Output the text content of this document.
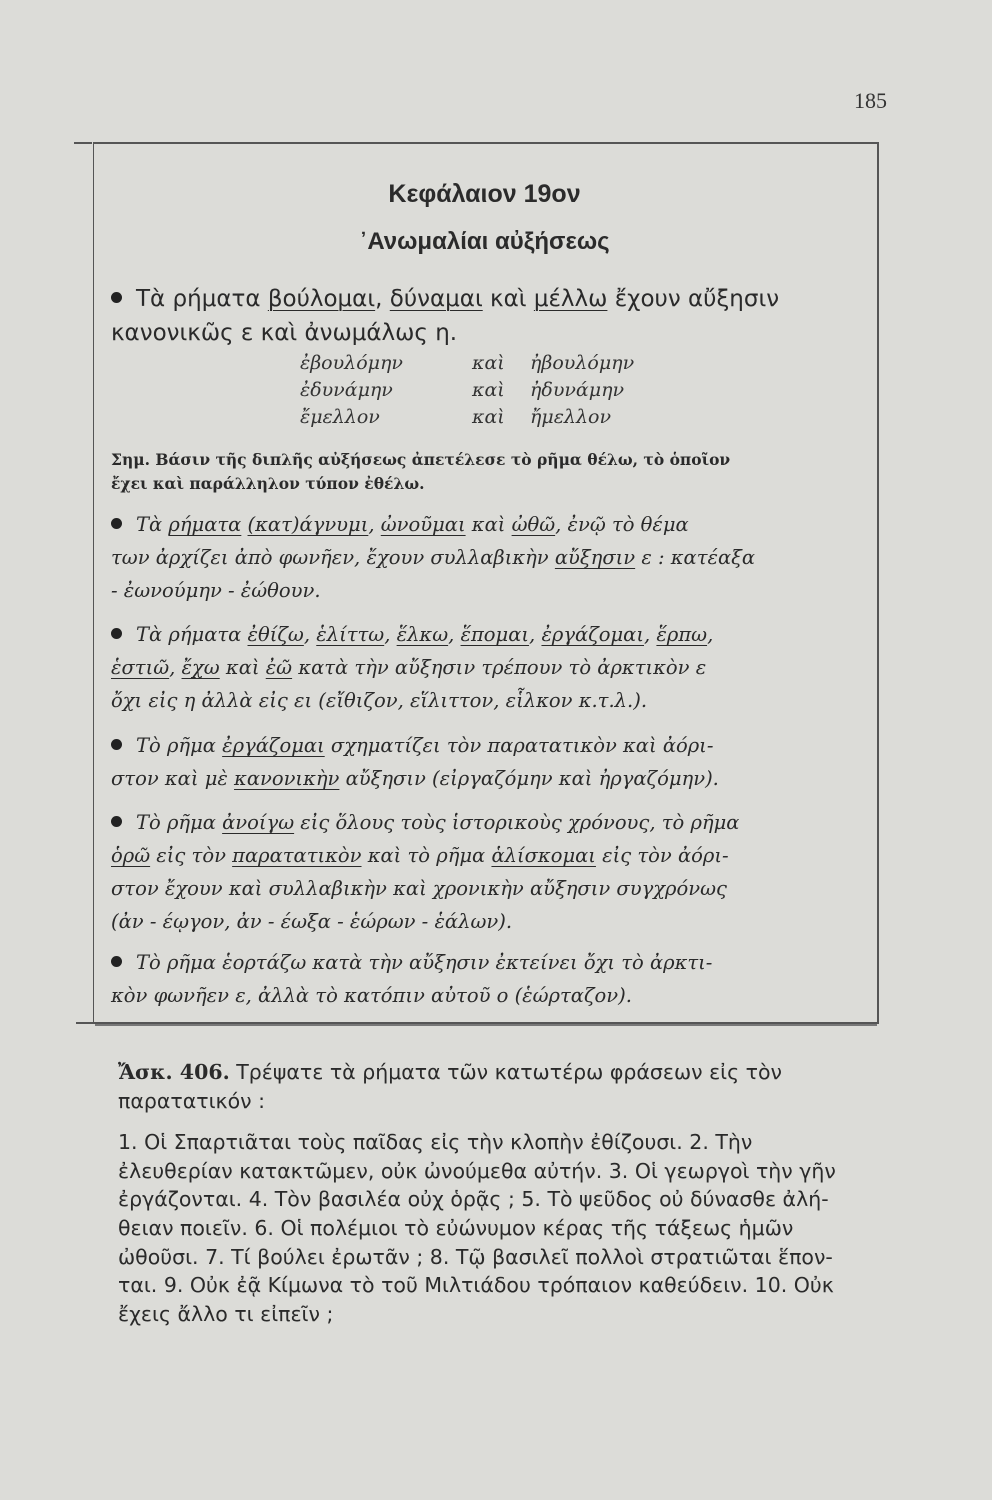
185
Κεφάλαιον 19ον
᾿Ανωμαλίαι αὐξήσεως
Τὰ ρήματα βούλομαι, δύναμαι καὶ μέλλω ἔχουν αὔξησιν
κανονικῶς ε καὶ ἀνωμάλως η.
ἐβουλόμην	καὶ ἠβουλόμην
ἐδυνάμην	καὶ ἠδυνάμην
ἔμελλον	καὶ ἤμελλον
Σημ. Βάσιν τῆς διπλῆς αὐξήσεως ἀπετέλεσε τὸ ρῆμα θέλω, τὸ ὁποῖον
ἔχει καὶ παράλληλον τύπον ἐθέλω.
Τὰ ρήματα (κατ)άγνυμι, ὠνοῦμαι καὶ ὠθῶ, ἐνῷ τὸ θέμα
των ἀρχίζει ἀπὸ φωνῆεν, ἔχουν συλλαβικὴν αὔξησιν ε : κατέαξα
- ἐωνούμην - ἐώθουν.
Τὰ ρήματα ἐθίζω, ἑλίττω, ἕλκω, ἕπομαι, ἐργάζομαι, ἕρπω,
ἑστιῶ, ἔχω καὶ ἐῶ κατὰ τὴν αὔξησιν τρέπουν τὸ ἀρκτικὸν ε
ὄχι εἰς η ἀλλὰ εἰς ει (εἴθιζον, εἵλιττον, εἷλκον κ.τ.λ.).
Τὸ ρῆμα ἐργάζομαι σχηματίζει τὸν παρατατικὸν καὶ ἀόρι-
στον καὶ μὲ κανονικὴν αὔξησιν (εἰργαζόμην καὶ ἠργαζόμην).
Τὸ ρῆμα ἀνοίγω εἰς ὅλους τοὺς ἱστορικοὺς χρόνους, τὸ ρῆμα
ὁρῶ εἰς τὸν παρατατικὸν καὶ τὸ ρῆμα ἁλίσκομαι εἰς τὸν ἀόρι-
στον ἔχουν καὶ συλλαβικὴν καὶ χρονικὴν αὔξησιν συγχρόνως
(ἀν - έῳγον, ἀν - έωξα - ἑώρων - ἑάλων).
Τὸ ρῆμα ἑορτάζω κατὰ τὴν αὔξησιν ἐκτείνει ὄχι τὸ ἀρκτι-
κὸν φωνῆεν ε, ἀλλὰ τὸ κατόπιν αὐτοῦ ο (ἑώρταζον).
Ἄσκ. 406. Τρέψατε τὰ ρήματα τῶν κατωτέρω φράσεων εἰς τὸν
παρατατικόν :
1. Οἱ Σπαρτιᾶται τοὺς παῖδας εἰς τὴν κλοπὴν ἐθίζουσι. 2. Τὴν
ἐλευθερίαν κατακτῶμεν, οὐκ ὠνούμεθα αὐτήν. 3. Οἱ γεωργοὶ τὴν γῆν
ἐργάζονται. 4. Τὸν βασιλέα οὐχ ὁρᾷς ; 5. Τὸ ψεῦδος οὐ δύνασθε ἀλή-
θειαν ποιεῖν. 6. Οἱ πολέμιοι τὸ εὐώνυμον κέρας τῆς τάξεως ἡμῶν
ὠθοῦσι. 7. Τί βούλει ἐρωτᾶν ; 8. Τῷ βασιλεῖ πολλοὶ στρατιῶται ἕπον-
ται. 9. Οὐκ ἐᾷ Κίμωνα τὸ τοῦ Μιλτιάδου τρόπαιον καθεύδειν. 10. Οὐκ
ἔχεις ἄλλο τι εἰπεῖν ;
